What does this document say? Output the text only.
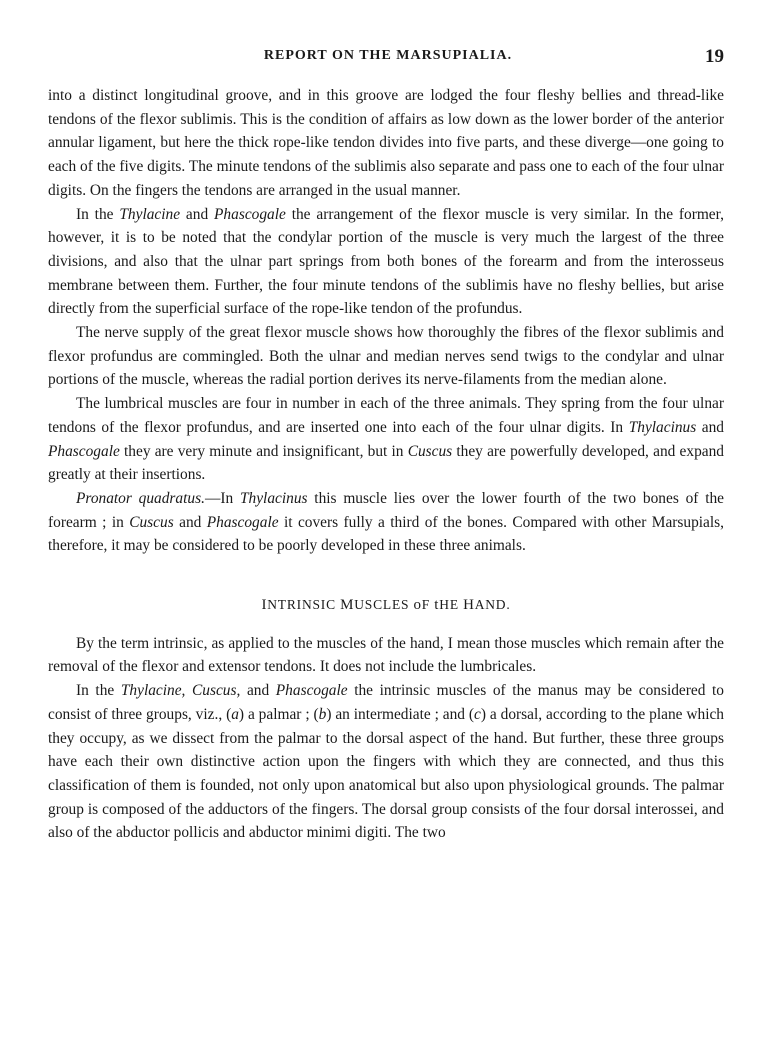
REPORT ON THE MARSUPIALIA.	19

into a distinct longitudinal groove, and in this groove are lodged the four fleshy bellies and thread-like tendons of the flexor sublimis. This is the condition of affairs as low down as the lower border of the anterior annular ligament, but here the thick rope-like tendon divides into five parts, and these diverge—one going to each of the five digits. The minute tendons of the sublimis also separate and pass one to each of the four ulnar digits. On the fingers the tendons are arranged in the usual manner.

In the Thylacine and Phascogale the arrangement of the flexor muscle is very similar. In the former, however, it is to be noted that the condylar portion of the muscle is very much the largest of the three divisions, and also that the ulnar part springs from both bones of the forearm and from the interosseus membrane between them. Further, the four minute tendons of the sublimis have no fleshy bellies, but arise directly from the superficial surface of the rope-like tendon of the profundus.

The nerve supply of the great flexor muscle shows how thoroughly the fibres of the flexor sublimis and flexor profundus are commingled. Both the ulnar and median nerves send twigs to the condylar and ulnar portions of the muscle, whereas the radial portion derives its nerve-filaments from the median alone.

The lumbrical muscles are four in number in each of the three animals. They spring from the four ulnar tendons of the flexor profundus, and are inserted one into each of the four ulnar digits. In Thylacinus and Phascogale they are very minute and insignificant, but in Cuscus they are powerfully developed, and expand greatly at their insertions.

Pronator quadratus.—In Thylacinus this muscle lies over the lower fourth of the two bones of the forearm ; in Cuscus and Phascogale it covers fully a third of the bones. Compared with other Marsupials, therefore, it may be considered to be poorly developed in these three animals.

INTRINSIC MUSCLES oF tHE HAND.

By the term intrinsic, as applied to the muscles of the hand, I mean those muscles which remain after the removal of the flexor and extensor tendons. It does not include the lumbricales.

In the Thylacine, Cuscus, and Phascogale the intrinsic muscles of the manus may be considered to consist of three groups, viz., (a) a palmar ; (b) an intermediate ; and (c) a dorsal, according to the plane which they occupy, as we dissect from the palmar to the dorsal aspect of the hand. But further, these three groups have each their own distinctive action upon the fingers with which they are connected, and thus this classification of them is founded, not only upon anatomical but also upon physiological grounds. The palmar group is composed of the adductors of the fingers. The dorsal group consists of the four dorsal interossei, and also of the abductor pollicis and abductor minimi digiti. The two
